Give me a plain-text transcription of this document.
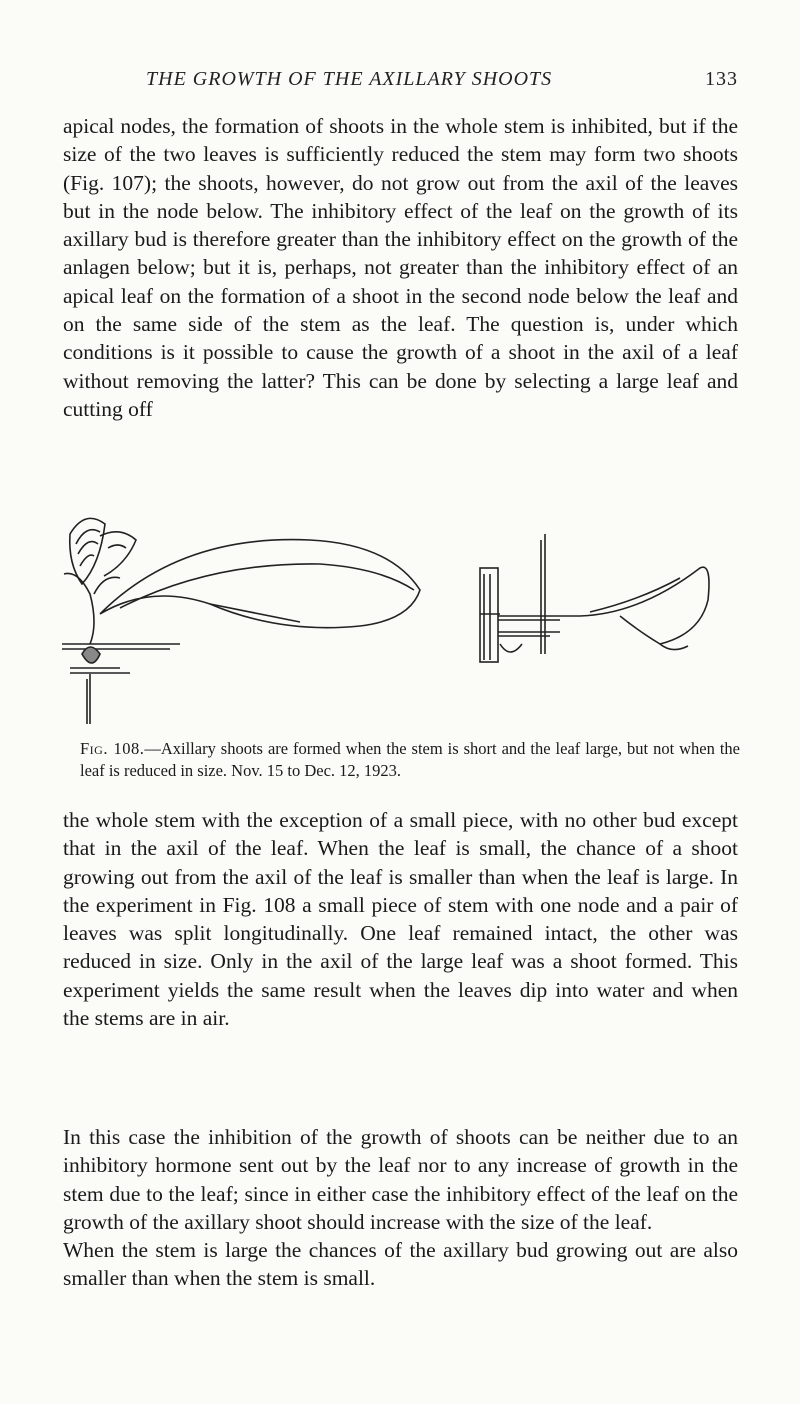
THE GROWTH OF THE AXILLARY SHOOTS	133

apical nodes, the formation of shoots in the whole stem is inhibited, but if the size of the two leaves is sufficiently reduced the stem may form two shoots (Fig. 107); the shoots, however, do not grow out from the axil of the leaves but in the node below. The inhibitory effect of the leaf on the growth of its axillary bud is therefore greater than the inhibitory effect on the growth of the anlagen below; but it is, perhaps, not greater than the inhibitory effect of an apical leaf on the formation of a shoot in the second node below the leaf and on the same side of the stem as the leaf. The question is, under which conditions is it possible to cause the growth of a shoot in the axil of a leaf without removing the latter? This can be done by selecting a large leaf and cutting off

Fig. 108.—Axillary shoots are formed when the stem is short and the leaf large, but not when the leaf is reduced in size. Nov. 15 to Dec. 12, 1923.

the whole stem with the exception of a small piece, with no other bud except that in the axil of the leaf. When the leaf is small, the chance of a shoot growing out from the axil of the leaf is smaller than when the leaf is large. In the experiment in Fig. 108 a small piece of stem with one node and a pair of leaves was split longitudinally. One leaf remained intact, the other was reduced in size. Only in the axil of the large leaf was a shoot formed. This experiment yields the same result when the leaves dip into water and when the stems are in air.

In this case the inhibition of the growth of shoots can be neither due to an inhibitory hormone sent out by the leaf nor to any increase of growth in the stem due to the leaf; since in either case the inhibitory effect of the leaf on the growth of the axillary shoot should increase with the size of the leaf.

When the stem is large the chances of the axillary bud growing out are also smaller than when the stem is small.
